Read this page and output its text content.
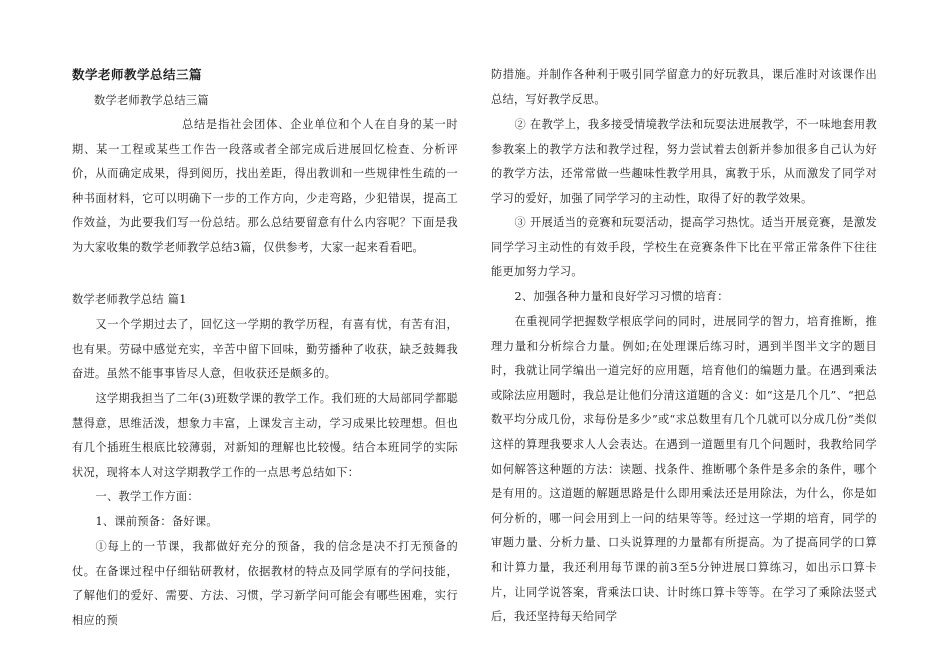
数学老师教学总结三篇
数学老师教学总结三篇
总结是指社会团体、企业单位和个人在自身的某一时期、某一工程或某些工作告一段落或者全部完成后进展回忆检查、分析评价，从而确定成果，得到阅历，找出差距，得出教训和一些规律性生疏的一种书面材料，它可以明确下一步的工作方向，少走弯路，少犯错误，提高工作效益，为此要我们写一份总结。那么总结要留意有什么内容呢？下面是我为大家收集的数学老师教学总结3篇，仅供参考，大家一起来看看吧。
数学老师教学总结 篇1
又一个学期过去了，回忆这一学期的教学历程，有喜有忧，有苦有泪，也有果。劳碌中感觉充实，辛苦中留下回味，勤劳播种了收获，缺乏鼓舞我奋进。虽然不能事事皆尽人意，但收获还是颇多的。
这学期我担当了二年(3)班数学课的教学工作。我们班的大局部同学都聪慧得意，思维活泼，想象力丰富，上课发言主动，学习成果比较理想。但也有几个插班生根底比较薄弱，对新知的理解也比较慢。结合本班同学的实际状况，现将本人对这学期教学工作的一点思考总结如下：
一、教学工作方面：
1、课前预备：备好课。
①每上的一节课，我都做好充分的预备，我的信念是决不打无预备的仗。在备课过程中仔细钻研教材，依据教材的特点及同学原有的学问技能，了解他们的爱好、需要、方法、习惯，学习新学问可能会有哪些困难，实行相应的预
防措施。并制作各种利于吸引同学留意力的好玩教具，课后准时对该课作出总结，写好教学反思。
② 在教学上，我多接受情境教学法和玩耍法进展教学，不一味地套用教参教案上的教学方法和教学过程，努力尝试着去创新并参加很多自己认为好的教学方法，还常常做一些趣味性教学用具，寓教于乐，从而激发了同学对学习的爱好，加强了同学学习的主动性，取得了好的教学效果。
③ 开展适当的竞赛和玩耍活动，提高学习热忱。适当开展竞赛，是激发同学学习主动性的有效手段，学校生在竞赛条件下比在平常正常条件下往往能更加努力学习。
2、加强各种力量和良好学习习惯的培育：
在重视同学把握数学根底学问的同时，进展同学的智力，培育推断，推理力量和分析综合力量。例如;在处理课后练习时，遇到半图半文字的题目时，我就让同学编出一道完好的应用题，培育他们的编题力量。在遇到乘法或除法应用题时，我总是让他们分清这道题的含义：如“这是几个几”、“把总数平均分成几份，求每份是多少”或“求总数里有几个几就可以分成几份”类似这样的算理我要求人人会表达。在遇到一道题里有几个问题时，我教给同学如何解答这种题的方法：读题、找条件、推断哪个条件是多余的条件，哪个是有用的。这道题的解题思路是什么即用乘法还是用除法，为什么，你是如何分析的，哪一问会用到上一问的结果等等。经过这一学期的培育，同学的审题力量、分析力量、口头说算理的力量都有所提高。为了提高同学的口算和计算力量，我还利用每节课的前3至5分钟进展口算练习，如出示口算卡片，让同学说答案，背乘法口诀、计时练口算卡等等。在学习了乘除法竖式后，我还坚持每天给同学
